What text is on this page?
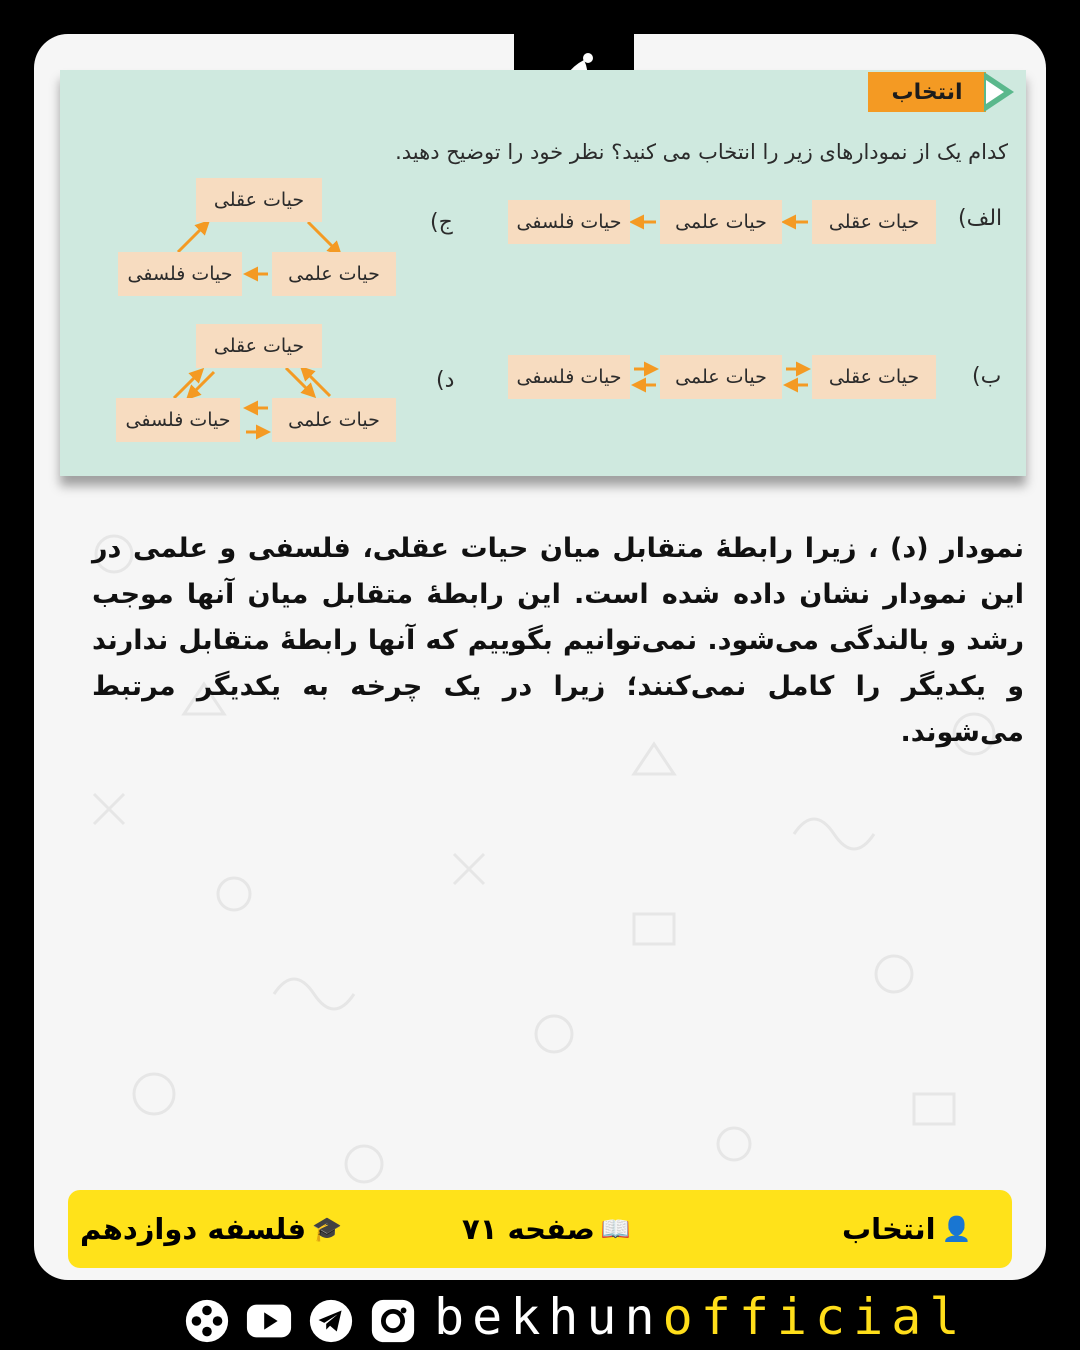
انتخاب
کدام یک از نمودارهای زیر را انتخاب می کنید؟ نظر خود را توضیح دهید.
الف)
حیات عقلی
حیات علمی
حیات فلسفی
ب)
حیات عقلی
حیات علمی
حیات فلسفی
ج)
حیات عقلی
حیات علمی
حیات فلسفی
د)
حیات عقلی
حیات علمی
حیات فلسفی
نمودار (د) ، زیرا رابطهٔ متقابل میان حیات عقلی، فلسفی و علمی در این نمودار نشان داده شده است. این رابطهٔ متقابل میان آنها موجب رشد و بالندگی می‌شود. نمی‌توانیم بگوییم که آنها رابطهٔ متقابل ندارند و یکدیگر را کامل نمی‌کنند؛ زیرا در یک چرخه به یکدیگر مرتبط می‌شوند.
👤
انتخاب
📖
صفحه ۷۱
🎓
فلسفه دوازدهم
bekhunofficial
